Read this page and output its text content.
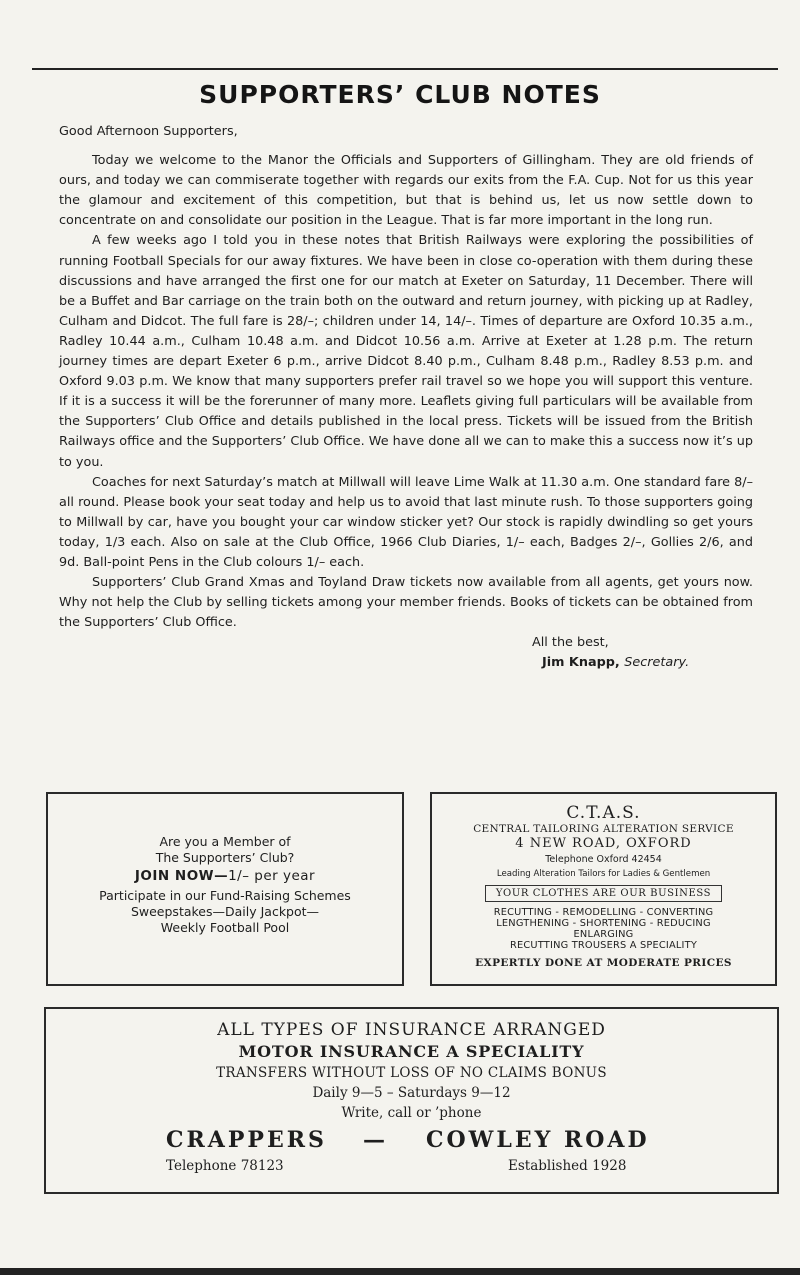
SUPPORTERS’ CLUB NOTES

Good Afternoon Supporters,

Today we welcome to the Manor the Officials and Supporters of Gillingham. They are old friends of ours, and today we can commiserate together with regards our exits from the F.A. Cup. Not for us this year the glamour and excitement of this competition, but that is behind us, let us now settle down to concentrate on and consolidate our position in the League. That is far more important in the long run.

A few weeks ago I told you in these notes that British Railways were exploring the possibilities of running Football Specials for our away fixtures. We have been in close co-operation with them during these discussions and have arranged the first one for our match at Exeter on Saturday, 11 December. There will be a Buffet and Bar carriage on the train both on the outward and return journey, with picking up at Radley, Culham and Didcot. The full fare is 28/–; children under 14, 14/–. Times of departure are Oxford 10.35 a.m., Radley 10.44 a.m., Culham 10.48 a.m. and Didcot 10.56 a.m. Arrive at Exeter at 1.28 p.m. The return journey times are depart Exeter 6 p.m., arrive Didcot 8.40 p.m., Culham 8.48 p.m., Radley 8.53 p.m. and Oxford 9.03 p.m. We know that many supporters prefer rail travel so we hope you will support this venture. If it is a success it will be the forerunner of many more. Leaflets giving full particulars will be available from the Supporters’ Club Office and details published in the local press. Tickets will be issued from the British Railways office and the Supporters’ Club Office. We have done all we can to make this a success now it’s up to you.

Coaches for next Saturday’s match at Millwall will leave Lime Walk at 11.30 a.m. One standard fare 8/– all round. Please book your seat today and help us to avoid that last minute rush. To those supporters going to Millwall by car, have you bought your car window sticker yet? Our stock is rapidly dwindling so get yours today, 1/3 each. Also on sale at the Club Office, 1966 Club Diaries, 1/– each, Badges 2/–, Gollies 2/6, and 9d. Ball-point Pens in the Club colours 1/– each.

Supporters’ Club Grand Xmas and Toyland Draw tickets now available from all agents, get yours now. Why not help the Club by selling tickets among your member friends. Books of tickets can be obtained from the Supporters’ Club Office.

All the best,
Jim Knapp, Secretary.
Are you a Member of
The Supporters’ Club?
JOIN NOW—1/– per year
Participate in our Fund-Raising Schemes
Sweepstakes—Daily Jackpot—
Weekly Football Pool
C.T.A.S.
CENTRAL TAILORING ALTERATION SERVICE
4 NEW ROAD, OXFORD
Telephone Oxford 42454
Leading Alteration Tailors for Ladies & Gentlemen
YOUR CLOTHES ARE OUR BUSINESS
RECUTTING - REMODELLING - CONVERTING
LENGTHENING - SHORTENING - REDUCING
ENLARGING
RECUTTING TROUSERS A SPECIALITY
EXPERTLY DONE AT MODERATE PRICES
ALL TYPES OF INSURANCE ARRANGED
MOTOR INSURANCE A SPECIALITY
TRANSFERS WITHOUT LOSS OF NO CLAIMS BONUS
Daily 9—5 – Saturdays 9—12
Write, call or ’phone
CRAPPERS — COWLEY ROAD
Telephone 78123	Established 1928
